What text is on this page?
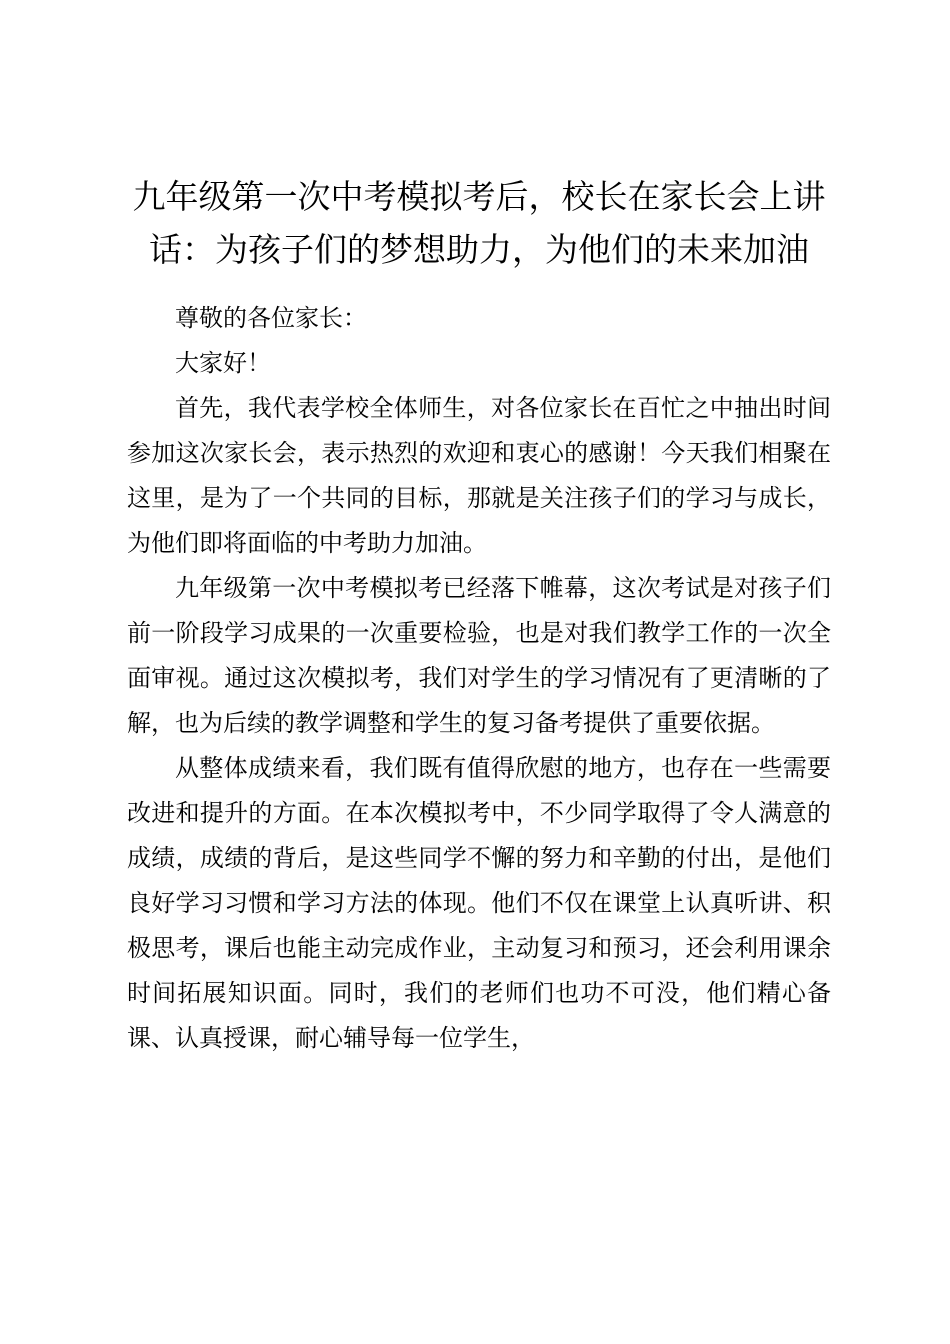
九年级第一次中考模拟考后，校长在家长会上讲话：为孩子们的梦想助力，为他们的未来加油

尊敬的各位家长：

大家好！

首先，我代表学校全体师生，对各位家长在百忙之中抽出时间参加这次家长会，表示热烈的欢迎和衷心的感谢！今天我们相聚在这里，是为了一个共同的目标，那就是关注孩子们的学习与成长，为他们即将面临的中考助力加油。

九年级第一次中考模拟考已经落下帷幕，这次考试是对孩子们前一阶段学习成果的一次重要检验，也是对我们教学工作的一次全面审视。通过这次模拟考，我们对学生的学习情况有了更清晰的了解，也为后续的教学调整和学生的复习备考提供了重要依据。

从整体成绩来看，我们既有值得欣慰的地方，也存在一些需要改进和提升的方面。在本次模拟考中，不少同学取得了令人满意的成绩，成绩的背后，是这些同学不懈的努力和辛勤的付出，是他们良好学习习惯和学习方法的体现。他们不仅在课堂上认真听讲、积极思考，课后也能主动完成作业，主动复习和预习，还会利用课余时间拓展知识面。同时，我们的老师们也功不可没，他们精心备课、认真授课，耐心辅导每一位学生，
